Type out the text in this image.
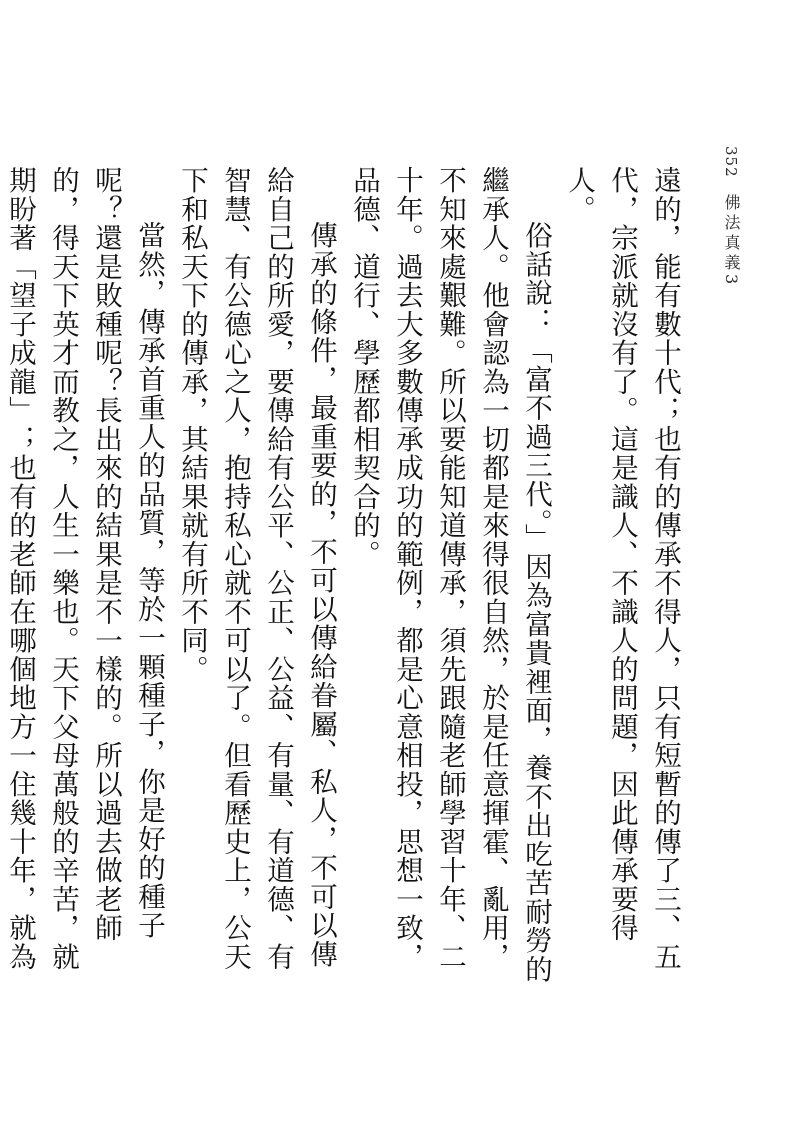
352 佛法真義3

遠的，能有數十代；也有的傳承不得人，只有短暫的傳了三、五代，宗派就沒有了。這是識人、不識人的問題，因此傳承要得人。

俗話說：「富不過三代。」因為富貴裡面，養不出吃苦耐勞的繼承人。他會認為一切都是來得很自然，於是任意揮霍、亂用，不知來處艱難。所以要能知道傳承，須先跟隨老師學習十年、二十年。過去大多數傳承成功的範例，都是心意相投，思想一致，品德、道行、學歷都相契合的。

傳承的條件，最重要的，不可以傳給眷屬、私人，不可以傳給自己的所愛，要傳給有公平、公正、公益、有量、有道德、有智慧、有公德心之人，抱持私心就不可以了。但看歷史上，公天下和私天下的傳承，其結果就有所不同。

當然，傳承首重人的品質，等於一顆種子，你是好的種子呢？還是敗種呢？長出來的結果是不一樣的。所以過去做老師的，得天下英才而教之，人生一樂也。天下父母萬般的辛苦，就期盼著「望子成龍」；也有的老師在哪個地方一住幾十年，就為
